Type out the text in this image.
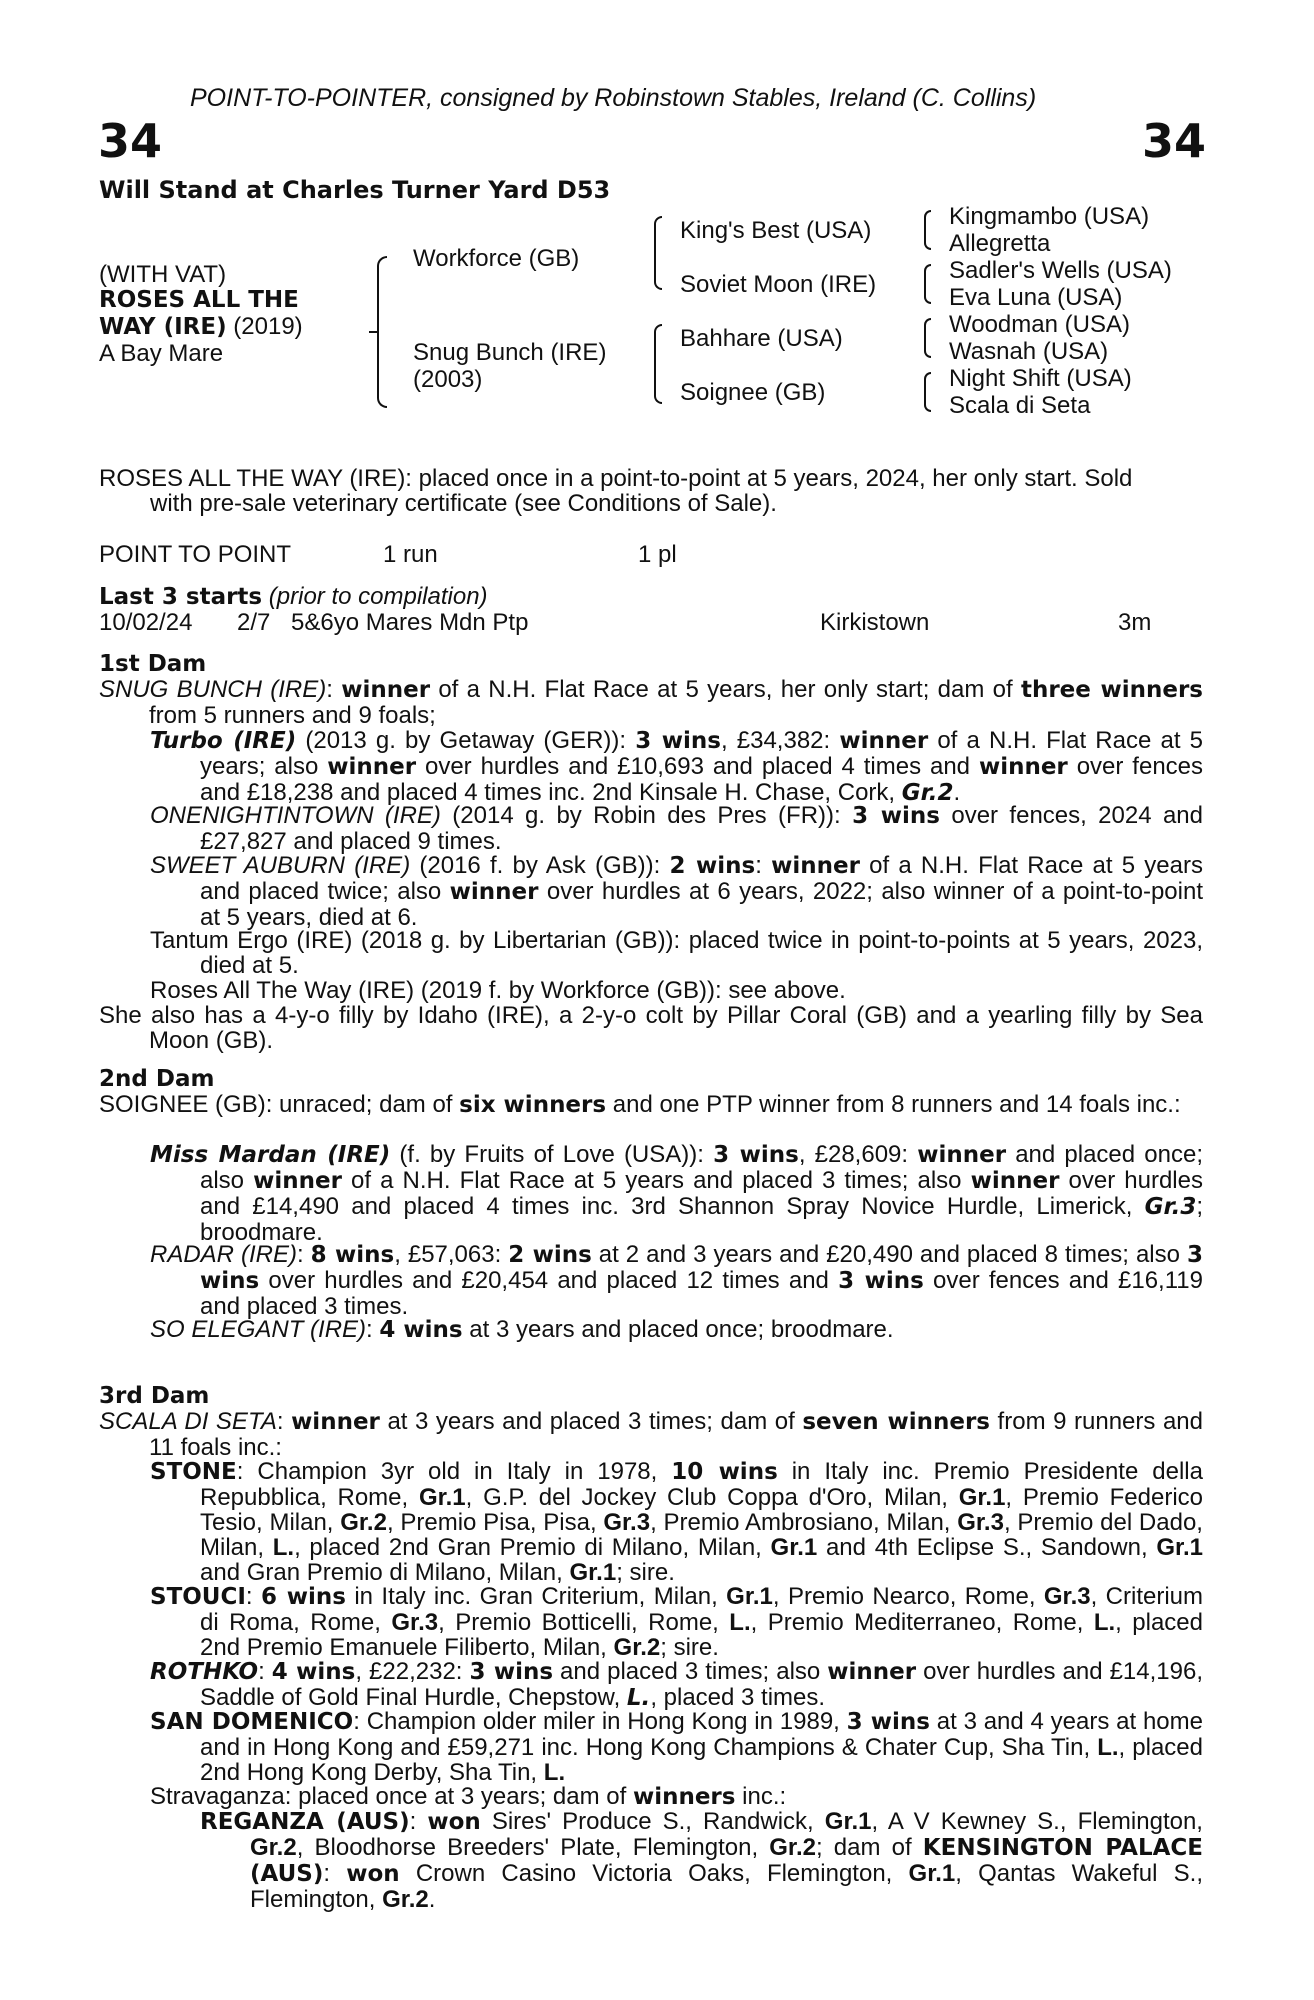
POINT-TO-POINTER, consigned by Robinstown Stables, Ireland (C. Collins)
34	34
Will Stand at Charles Turner Yard D53
(WITH VAT)
ROSES ALL THE
WAY (IRE) (2019)
A Bay Mare
Workforce (GB)
Snug Bunch (IRE)
(2003)
King's Best (USA)
Soviet Moon (IRE)
Bahhare (USA)
Soignee (GB)
Kingmambo (USA)
Allegretta
Sadler's Wells (USA)
Eva Luna (USA)
Woodman (USA)
Wasnah (USA)
Night Shift (USA)
Scala di Seta
ROSES ALL THE WAY (IRE): placed once in a point-to-point at 5 years, 2024, her only start. Sold
with pre-sale veterinary certificate (see Conditions of Sale).
POINT TO POINT	1 run	1 pl
Last 3 starts (prior to compilation)
10/02/24 2/7 5&6yo Mares Mdn Ptp	Kirkistown	3m
1st Dam

SNUG BUNCH (IRE): winner of a N.H. Flat Race at 5 years, her only start; dam of three winners from 5 runners and 9 foals;

Turbo (IRE) (2013 g. by Getaway (GER)): 3 wins, £34,382: winner of a N.H. Flat Race at 5 years; also winner over hurdles and £10,693 and placed 4 times and winner over fences and £18,238 and placed 4 times inc. 2nd Kinsale H. Chase, Cork, Gr.2.

ONENIGHTINTOWN (IRE) (2014 g. by Robin des Pres (FR)): 3 wins over fences, 2024 and £27,827 and placed 9 times.

SWEET AUBURN (IRE) (2016 f. by Ask (GB)): 2 wins: winner of a N.H. Flat Race at 5 years and placed twice; also winner over hurdles at 6 years, 2022; also winner of a point-to-point at 5 years, died at 6.

Tantum Ergo (IRE) (2018 g. by Libertarian (GB)): placed twice in point-to-points at 5 years, 2023, died at 5.

Roses All The Way (IRE) (2019 f. by Workforce (GB)): see above.

She also has a 4-y-o filly by Idaho (IRE), a 2-y-o colt by Pillar Coral (GB) and a yearling filly by Sea Moon (GB).

2nd Dam

SOIGNEE (GB): unraced; dam of six winners and one PTP winner from 8 runners and 14 foals inc.:

Miss Mardan (IRE) (f. by Fruits of Love (USA)): 3 wins, £28,609: winner and placed once; also winner of a N.H. Flat Race at 5 years and placed 3 times; also winner over hurdles and £14,490 and placed 4 times inc. 3rd Shannon Spray Novice Hurdle, Limerick, Gr.3; broodmare.

RADAR (IRE): 8 wins, £57,063: 2 wins at 2 and 3 years and £20,490 and placed 8 times; also 3 wins over hurdles and £20,454 and placed 12 times and 3 wins over fences and £16,119 and placed 3 times.

SO ELEGANT (IRE): 4 wins at 3 years and placed once; broodmare.

3rd Dam

SCALA DI SETA: winner at 3 years and placed 3 times; dam of seven winners from 9 runners and 11 foals inc.:

STONE: Champion 3yr old in Italy in 1978, 10 wins in Italy inc. Premio Presidente della Repubblica, Rome, Gr.1, G.P. del Jockey Club Coppa d'Oro, Milan, Gr.1, Premio Federico Tesio, Milan, Gr.2, Premio Pisa, Pisa, Gr.3, Premio Ambrosiano, Milan, Gr.3, Premio del Dado, Milan, L., placed 2nd Gran Premio di Milano, Milan, Gr.1 and 4th Eclipse S., Sandown, Gr.1 and Gran Premio di Milano, Milan, Gr.1; sire.

STOUCI: 6 wins in Italy inc. Gran Criterium, Milan, Gr.1, Premio Nearco, Rome, Gr.3, Criterium di Roma, Rome, Gr.3, Premio Botticelli, Rome, L., Premio Mediterraneo, Rome, L., placed 2nd Premio Emanuele Filiberto, Milan, Gr.2; sire.

ROTHKO: 4 wins, £22,232: 3 wins and placed 3 times; also winner over hurdles and £14,196, Saddle of Gold Final Hurdle, Chepstow, L., placed 3 times.

SAN DOMENICO: Champion older miler in Hong Kong in 1989, 3 wins at 3 and 4 years at home and in Hong Kong and £59,271 inc. Hong Kong Champions & Chater Cup, Sha Tin, L., placed 2nd Hong Kong Derby, Sha Tin, L.

Stravaganza: placed once at 3 years; dam of winners inc.:

REGANZA (AUS): won Sires' Produce S., Randwick, Gr.1, A V Kewney S., Flemington, Gr.2, Bloodhorse Breeders' Plate, Flemington, Gr.2; dam of KENSINGTON PALACE (AUS): won Crown Casino Victoria Oaks, Flemington, Gr.1, Qantas Wakeful S., Flemington, Gr.2.
